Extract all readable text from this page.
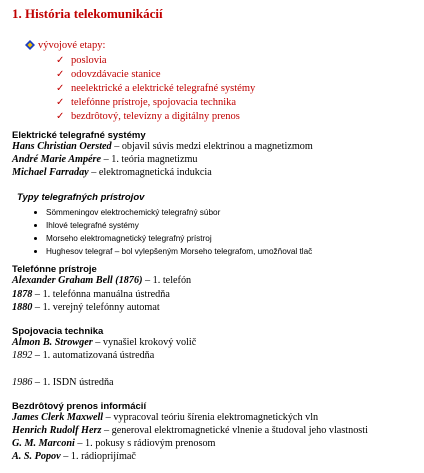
1. História telekomunikácií
vývojové etapy:
✓ poslovia
✓ odovzdávacie stanice
✓ neelektrické a elektrické telegrafné systémy
✓ telefónne prístroje, spojovacia technika
✓ bezdrôtový, televízny a digitálny prenos
Elektrické telegrafné systémy
Hans Christian Oersted – objavil súvis medzi elektrinou a magnetizmom
André Marie Ampére – 1. teória magnetizmu
Michael Farraday – elektromagnetická indukcia
Typy telegrafných prístrojov
Sömmeningov elektrochemický telegrafný súbor
Ihlové telegrafné systémy
Morseho elektromagnetický telegrafný prístroj
Hughesov telegraf – bol vylepšeným Morseho telegrafom, umožňoval tlač
Telefónne prístroje
Alexander Graham Bell (1876) – 1. telefón
1878 – 1. telefónna manuálna ústredňa
1880 – 1. verejný telefónny automat
Spojovacia technika
Almon B. Strowger – vynašiel krokový volič
1892 – 1. automatizovaná ústredňa
1986 – 1. ISDN ústredňa
Bezdrôtový prenos informácií
James Clerk Maxwell – vypracoval teóriu šírenia elektromagnetických vln
Henrich Rudolf Herz – generoval elektromagnetické vlnenie a študoval jeho vlastnosti
G. M. Marconi – 1. pokusy s rádiovým prenosom
A. S. Popov – 1. rádioprijímač
